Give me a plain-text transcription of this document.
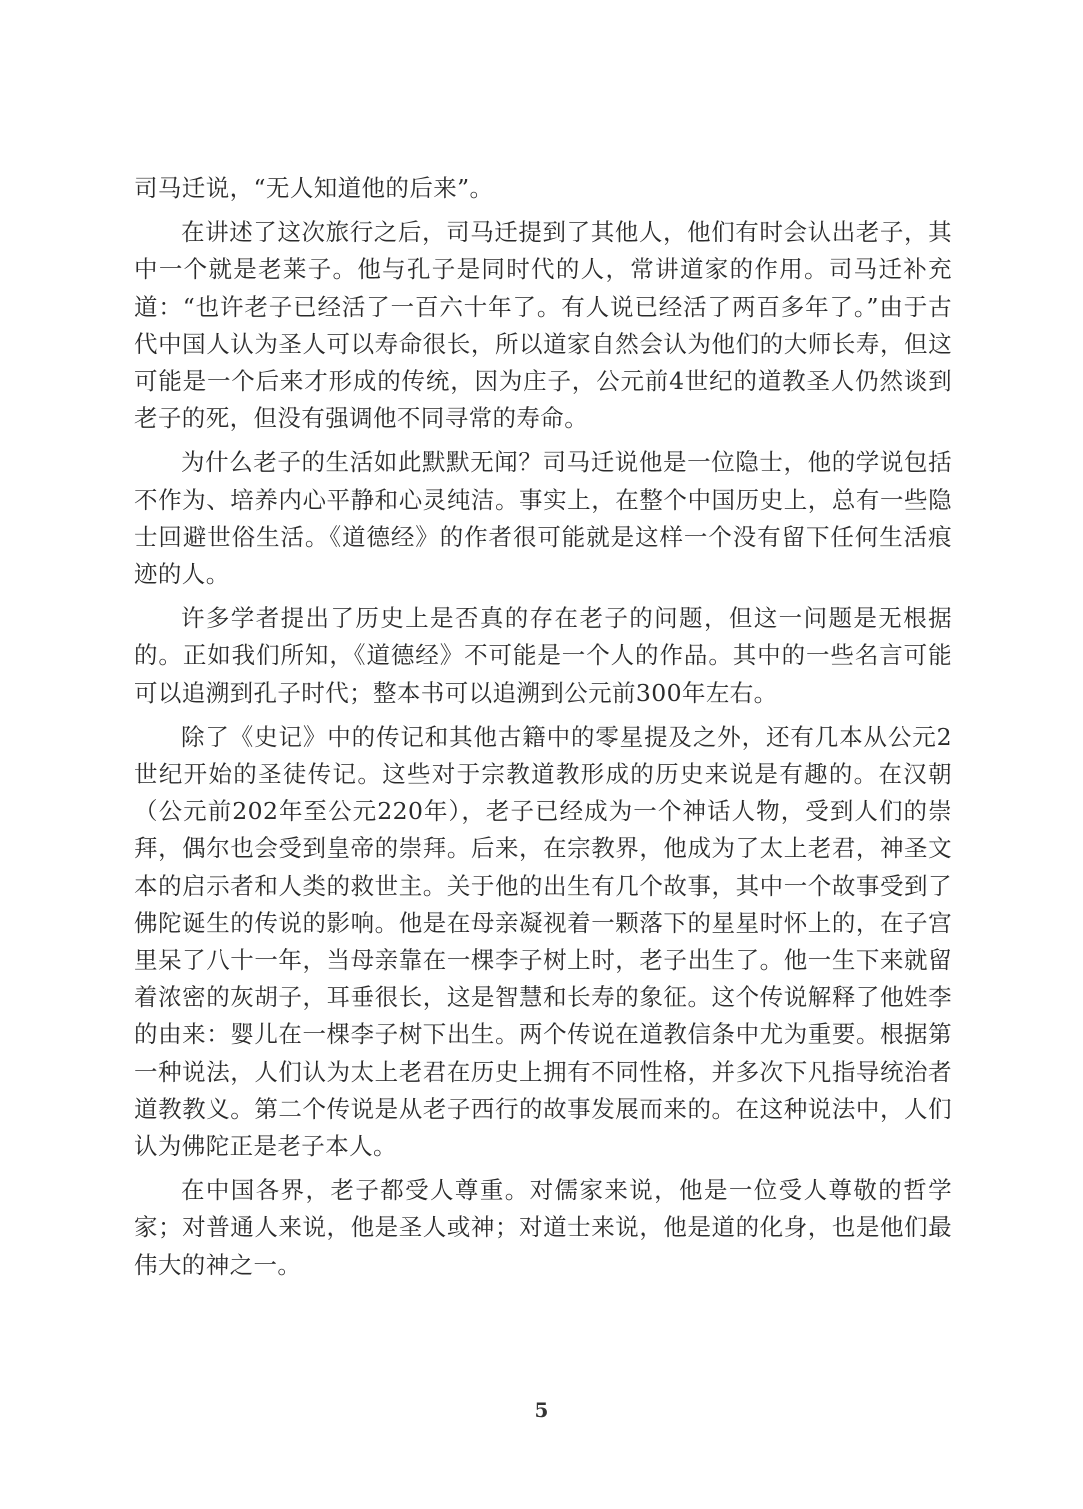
司马迁说，“无人知道他的后来”。

在讲述了这次旅行之后，司马迁提到了其他人，他们有时会认出老子，其中一个就是老莱子。他与孔子是同时代的人，常讲道家的作用。司马迁补充道：“也许老子已经活了一百六十年了。有人说已经活了两百多年了。”由于古代中国人认为圣人可以寿命很长，所以道家自然会认为他们的大师长寿，但这可能是一个后来才形成的传统，因为庄子，公元前4世纪的道教圣人仍然谈到老子的死，但没有强调他不同寻常的寿命。

为什么老子的生活如此默默无闻？司马迁说他是一位隐士，他的学说包括不作为、培养内心平静和心灵纯洁。事实上，在整个中国历史上，总有一些隐士回避世俗生活。《道德经》的作者很可能就是这样一个没有留下任何生活痕迹的人。

许多学者提出了历史上是否真的存在老子的问题，但这一问题是无根据的。正如我们所知，《道德经》不可能是一个人的作品。其中的一些名言可能可以追溯到孔子时代；整本书可以追溯到公元前300年左右。

除了《史记》中的传记和其他古籍中的零星提及之外，还有几本从公元2世纪开始的圣徒传记。这些对于宗教道教形成的历史来说是有趣的。在汉朝（公元前202年至公元220年），老子已经成为一个神话人物，受到人们的崇拜，偶尔也会受到皇帝的崇拜。后来，在宗教界，他成为了太上老君，神圣文本的启示者和人类的救世主。关于他的出生有几个故事，其中一个故事受到了佛陀诞生的传说的影响。他是在母亲凝视着一颗落下的星星时怀上的，在子宫里呆了八十一年，当母亲靠在一棵李子树上时，老子出生了。他一生下来就留着浓密的灰胡子，耳垂很长，这是智慧和长寿的象征。这个传说解释了他姓李的由来：婴儿在一棵李子树下出生。两个传说在道教信条中尤为重要。根据第一种说法，人们认为太上老君在历史上拥有不同性格，并多次下凡指导统治者道教教义。第二个传说是从老子西行的故事发展而来的。在这种说法中，人们认为佛陀正是老子本人。

在中国各界，老子都受人尊重。对儒家来说，他是一位受人尊敬的哲学家；对普通人来说，他是圣人或神；对道士来说，他是道的化身，也是他们最伟大的神之一。

5
